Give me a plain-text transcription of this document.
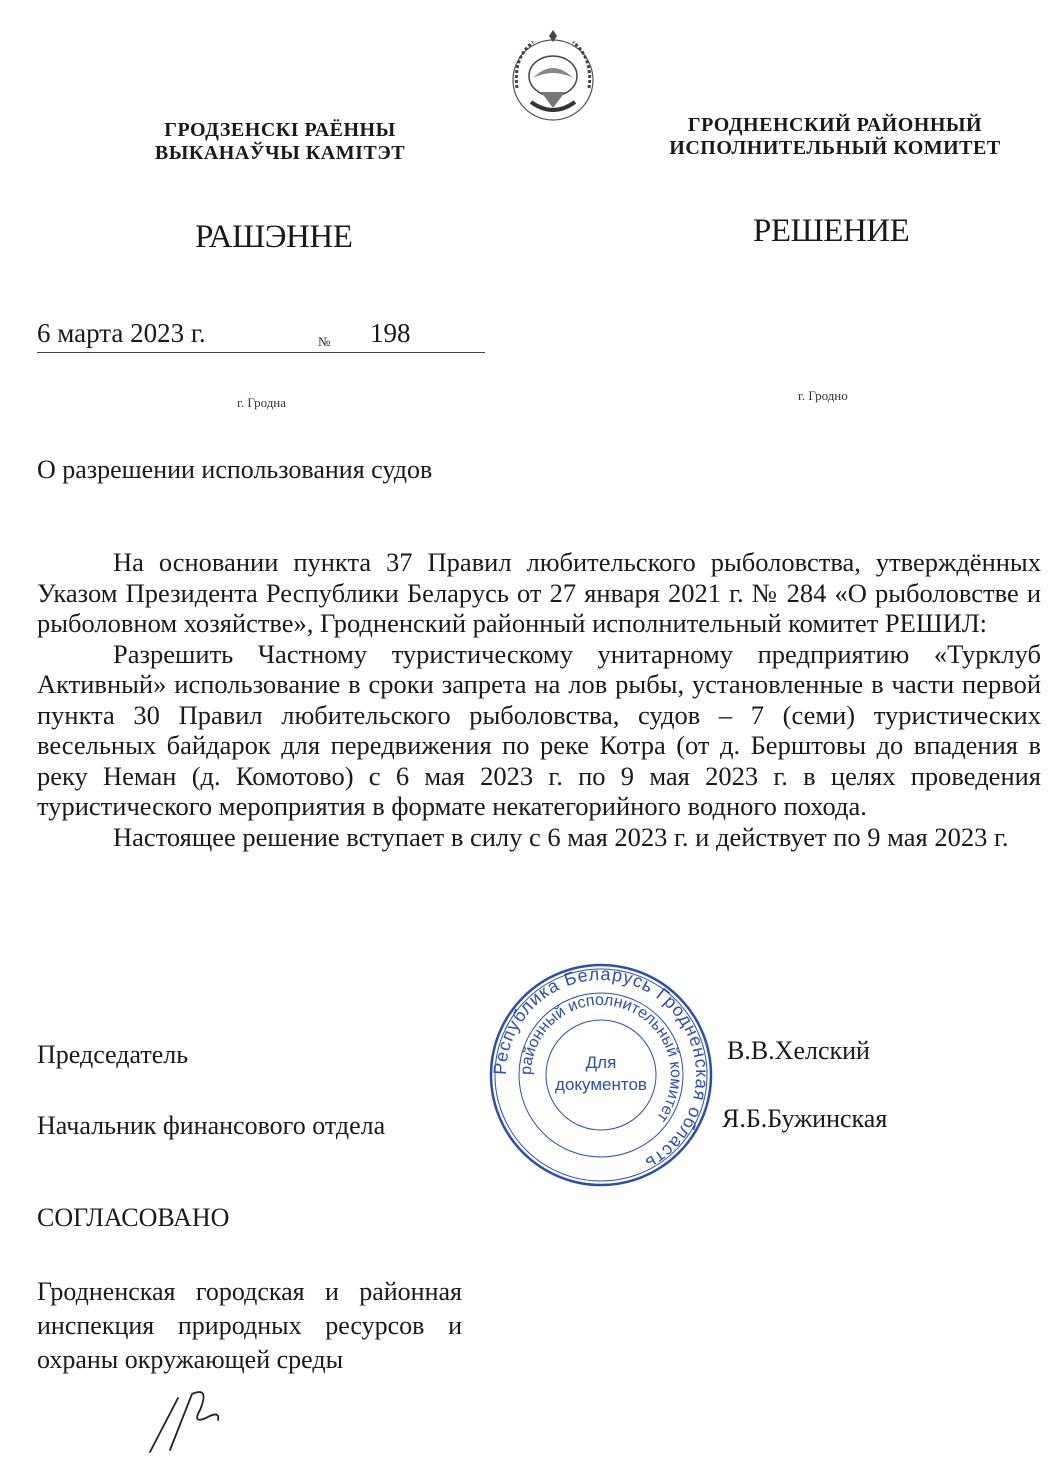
ГРОДЗЕНСКІ РАЁННЫ
ВЫКАНАЎЧЫ КАМІТЭТ
ГРОДНЕНСКИЙ РАЙОННЫЙ
ИСПОЛНИТЕЛЬНЫЙ КОМИТЕТ
РАШЭННЕ	РЕШЕНИЕ
6 марта 2023 г.	№ 198
г. Гродна	г. Гродно
О разрешении использования судов

На основании пункта 37 Правил любительского рыболовства, утверждённых Указом Президента Республики Беларусь от 27 января 2021 г. № 284 «О рыболовстве и рыболовном хозяйстве», Гродненский районный исполнительный комитет РЕШИЛ:

Разрешить Частному туристическому унитарному предприятию «Турклуб Активный» использование в сроки запрета на лов рыбы, установленные в части первой пункта 30 Правил любительского рыболовства, судов – 7 (семи) туристических весельных байдарок для передвижения по реке Котра (от д. Берштовы до впадения в реку Неман (д. Комотово) с 6 мая 2023 г. по 9 мая 2023 г. в целях проведения туристического мероприятия в формате некатегорийного водного похода.

Настоящее решение вступает в силу с 6 мая 2023 г. и действует по 9 мая 2023 г.

Республика Беларусь Гродненская область
районный исполнительный комитет
Для
документов
Председатель	В.В.Хелский
Начальник финансового отдела	Я.Б.Бужинская
СОГЛАСОВАНО
Гродненская городская и районная инспекция природных ресурсов и охраны окружающей среды
